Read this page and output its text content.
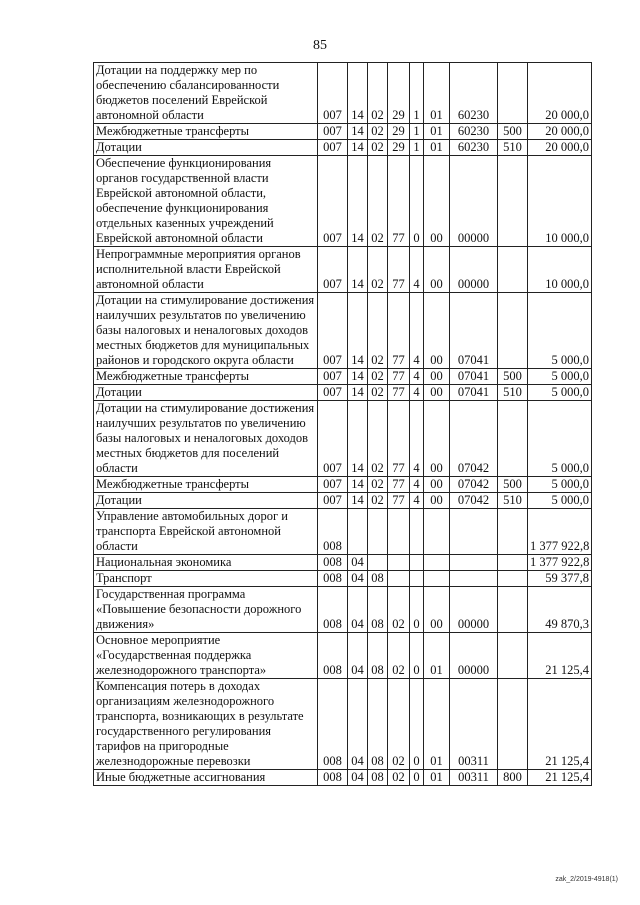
85
Дотации на поддержку мер по обеспечению сбалансированности бюджетов поселений Еврейской автономной области	007	14	02	29	1	01	60230		20 000,0
Межбюджетные трансферты	007	14	02	29	1	01	60230	500	20 000,0
Дотации	007	14	02	29	1	01	60230	510	20 000,0
Обеспечение функционирования органов государственной власти Еврейской автономной области, обеспечение функционирования отдельных казенных учреждений Еврейской автономной области	007	14	02	77	0	00	00000		10 000,0
Непрограммные мероприятия органов исполнительной власти Еврейской автономной области	007	14	02	77	4	00	00000		10 000,0
Дотации на стимулирование достижения наилучших результатов по увеличению базы налоговых и неналоговых доходов местных бюджетов для муниципальных районов и городского округа области	007	14	02	77	4	00	07041		5 000,0
Межбюджетные трансферты	007	14	02	77	4	00	07041	500	5 000,0
Дотации	007	14	02	77	4	00	07041	510	5 000,0
Дотации на стимулирование достижения наилучших результатов по увеличению базы налоговых и неналоговых доходов местных бюджетов для поселений области	007	14	02	77	4	00	07042		5 000,0
Межбюджетные трансферты	007	14	02	77	4	00	07042	500	5 000,0
Дотации	007	14	02	77	4	00	07042	510	5 000,0
Управление автомобильных дорог и транспорта Еврейской автономной области	008								1 377 922,8
Национальная экономика	008	04							1 377 922,8
Транспорт	008	04	08						59 377,8
Государственная программа «Повышение безопасности дорожного движения»	008	04	08	02	0	00	00000		49 870,3
Основное мероприятие «Государственная поддержка железнодорожного транспорта»	008	04	08	02	0	01	00000		21 125,4
Компенсация потерь в доходах организациям железнодорожного транспорта, возникающих в результате государственного регулирования тарифов на пригородные железнодорожные перевозки	008	04	08	02	0	01	00311		21 125,4
Иные бюджетные ассигнования	008	04	08	02	0	01	00311	800	21 125,4
zak_2/2019-4918(1)
